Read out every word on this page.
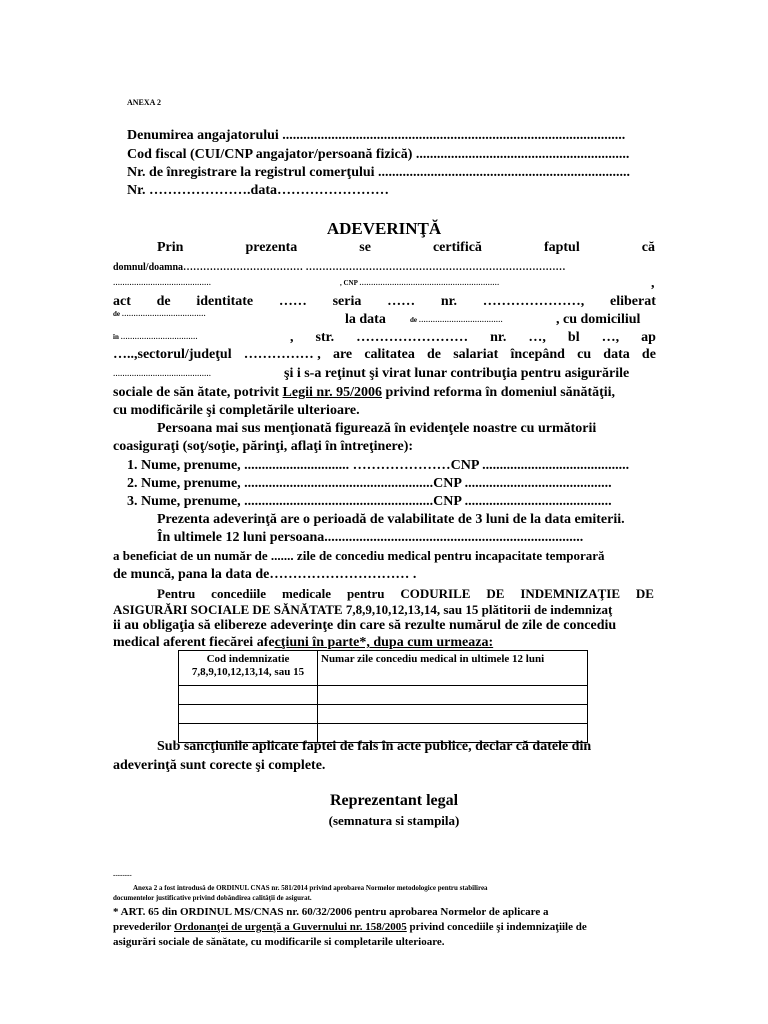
ANEXA 2
Denumirea angajatorului ..................................................................................................
Cod fiscal (CUI/CNP angajator/persoană fizică) .............................................................
Nr. de înregistrare la registrul comerţului ........................................................................
Nr. ………………….data……………………
ADEVERINŢĂ
Prin	prezenta	se	certifică	faptul	că
domnul/doamna……………………………… ……………………………………………………………………
……………………………………	, CNP ……………………………………………………	,
act de identitate …… seria …… nr. …………………, eliberat
de ………………………………	la data	de ………………………………	, cu domiciliul
în ……………………………	, str. …………………… nr. …, bl …, ap
…..,sectorul/judeţul …………… , are calitatea de salariat începând cu data de
……………………………………	şi i s-a reţinut şi virat lunar contribuţia pentru asigurările
sociale de săn ătate, potrivit Legii nr. 95/2006 privind reforma în domeniul sănătăţii,
cu modificările şi completările ulterioare.
Persoana mai sus menţionată figurează în evidenţele noastre cu următorii
coasiguraţi (soţ/soţie, părinţi, aflaţi în întreţinere):
1. Nume, prenume, .............................. …………………CNP ..........................................
2. Nume, prenume, ......................................................CNP ..........................................
3. Nume, prenume, ......................................................CNP ..........................................
Prezenta adeverinţă are o perioadă de valabilitate de 3 luni de la data emiterii.
În ultimele 12 luni persoana..........................................................................
a beneficiat de un număr de ....... zile de concediu medical pentru incapacitate temporară
de muncă, pana la data de………………………… .
Pentru concediile medicale pentru CODURILE DE INDEMNIZAŢIE DE
ASIGURĂRI SOCIALE DE SĂNĂTATE 7,8,9,10,12,13,14, sau 15 plătitorii de indemnizaţ
ii au obligaţia să elibereze adeverinţe din care să rezulte numărul de zile de concediu
medical aferent fiecărei afecţiuni în parte*, dupa cum urmeaza:
Cod indemnizatie
7,8,9,10,12,13,14, sau 15	Numar zile concediu medical in ultimele 12 luni

Sub sancţiunile aplicate faptei de fals în acte publice, declar că datele din
adeverinţă sunt corecte şi complete.
Reprezentant legal
(semnatura si stampila)
--------
Anexa 2 a fost introdusă de ORDINUL CNAS nr. 581/2014 privind aprobarea Normelor metodologice pentru stabilirea
documentelor justificative privind dobândirea calităţii de asigurat.
* ART. 65 din ORDINUL MS/CNAS nr. 60/32/2006 pentru aprobarea Normelor de aplicare a
prevederilor Ordonanţei de urgenţă a Guvernului nr. 158/2005 privind concediile şi indemnizaţiile de
asigurări sociale de sănătate, cu modificarile si completarile ulterioare.
